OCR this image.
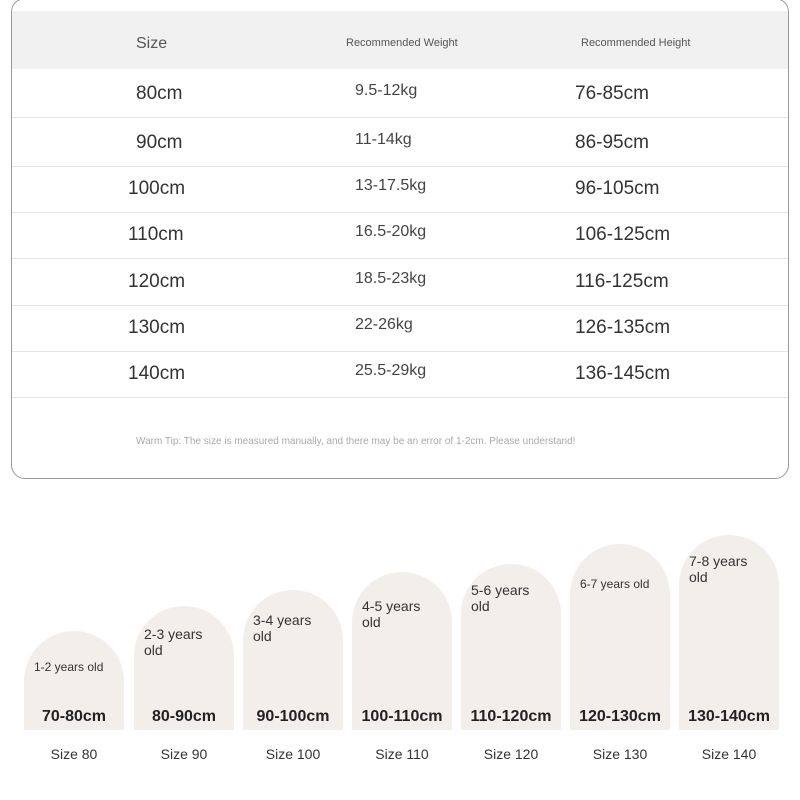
Size	Recommended Weight	Recommended Height
80cm	9.5-12kg	76-85cm
90cm	11-14kg	86-95cm
100cm	13-17.5kg	96-105cm
110cm	16.5-20kg	106-125cm
120cm	18.5-23kg	116-125cm
130cm	22-26kg	126-135cm
140cm	25.5-29kg	136-145cm
Warm Tip: The size is measured manually, and there may be an error of 1-2cm. Please understand!
1-2 years old
70-80cm
Size 80
2-3 years old
80-90cm
Size 90
3-4 years old
90-100cm
Size 100
4-5 years old
100-110cm
Size 110
5-6 years old
110-120cm
Size 120
6-7 years old
120-130cm
Size 130
7-8 years old
130-140cm
Size 140
